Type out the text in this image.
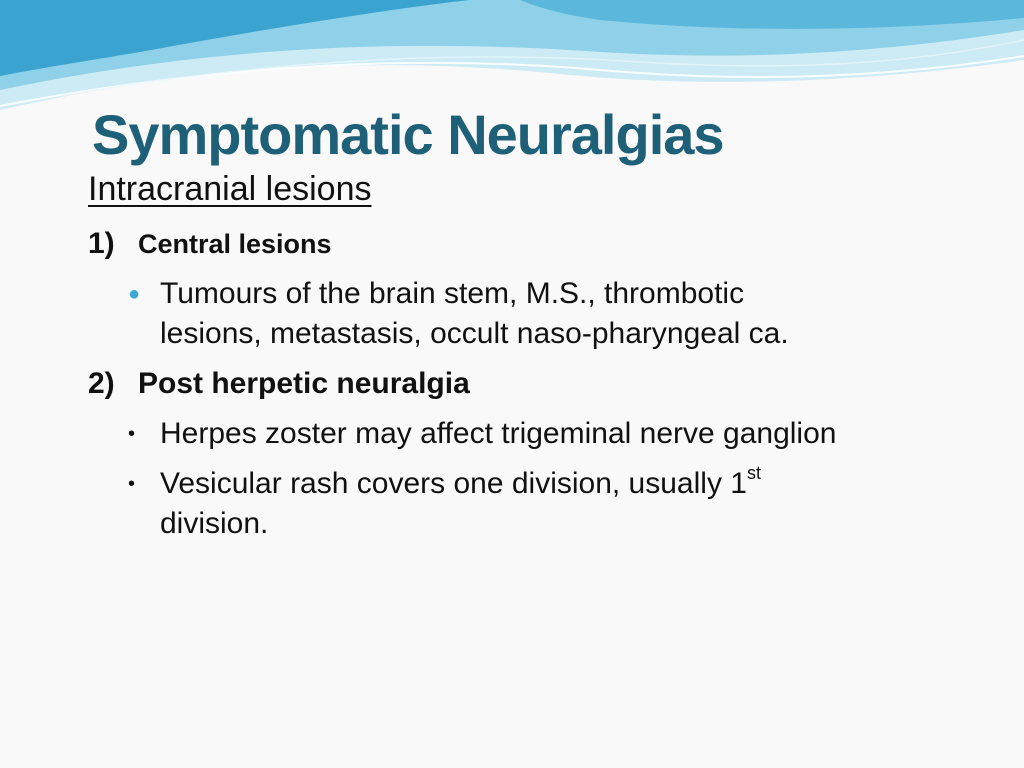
Symptomatic Neuralgias
Intracranial lesions
1) Central lesions
● Tumours of the brain stem, M.S., thrombotic
lesions, metastasis, occult naso-pharyngeal ca.
2) Post herpetic neuralgia
• Herpes zoster may affect trigeminal nerve ganglion
• Vesicular rash covers one division, usually 1st
division.
